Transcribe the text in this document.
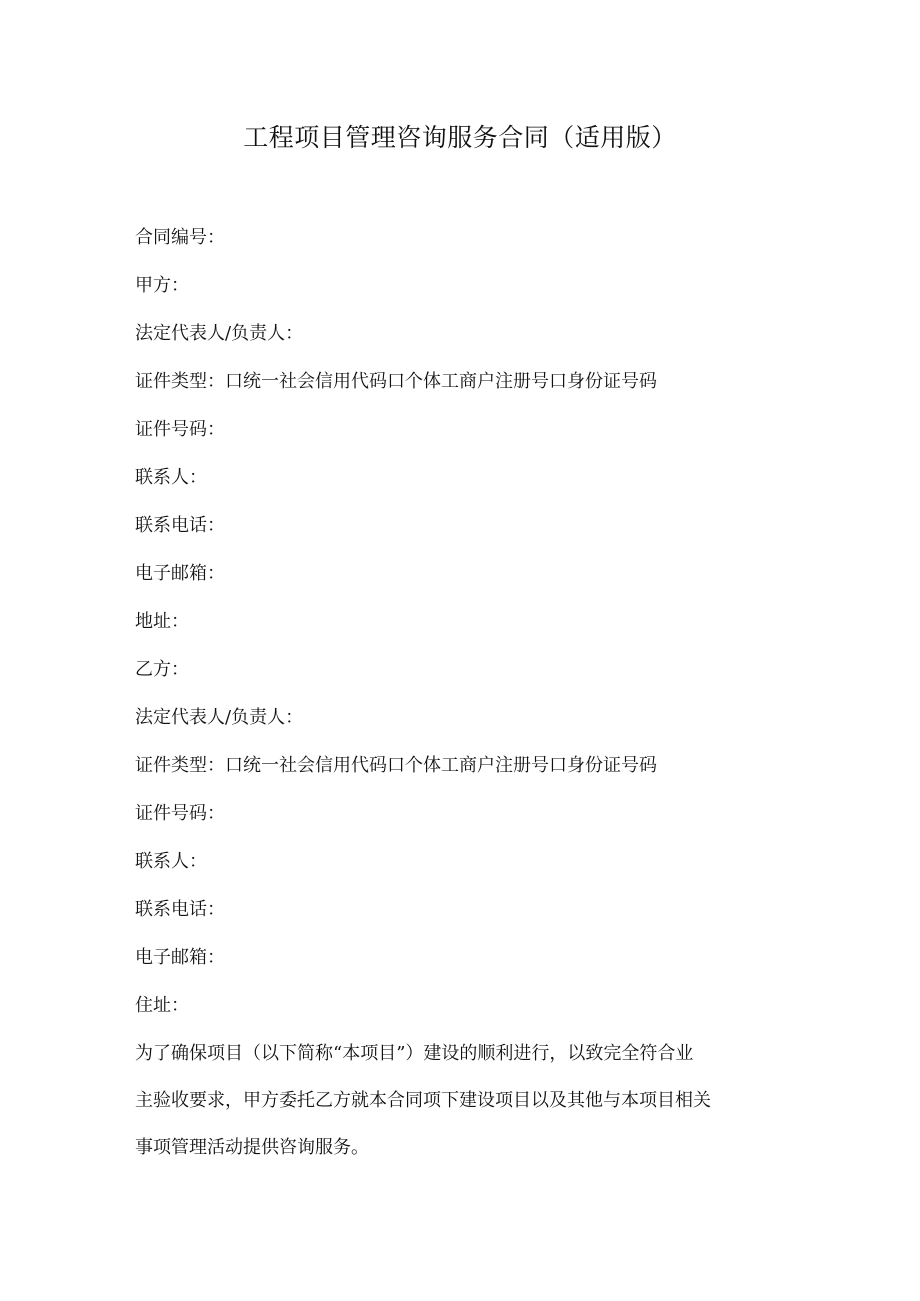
工程项目管理咨询服务合同（适用版）
合同编号：
甲方：
法定代表人/负责人：
证件类型：口统一社会信用代码口个体工商户注册号口身份证号码
证件号码：
联系人：
联系电话：
电子邮箱：
地址：
乙方：
法定代表人/负责人：
证件类型：口统一社会信用代码口个体工商户注册号口身份证号码
证件号码：
联系人：
联系电话：
电子邮箱：
住址：

为了确保项目（以下简称“本项目”）建设的顺利进行，以致完全符合业
主验收要求，甲方委托乙方就本合同项下建设项目以及其他与本项目相关
事项管理活动提供咨询服务。
